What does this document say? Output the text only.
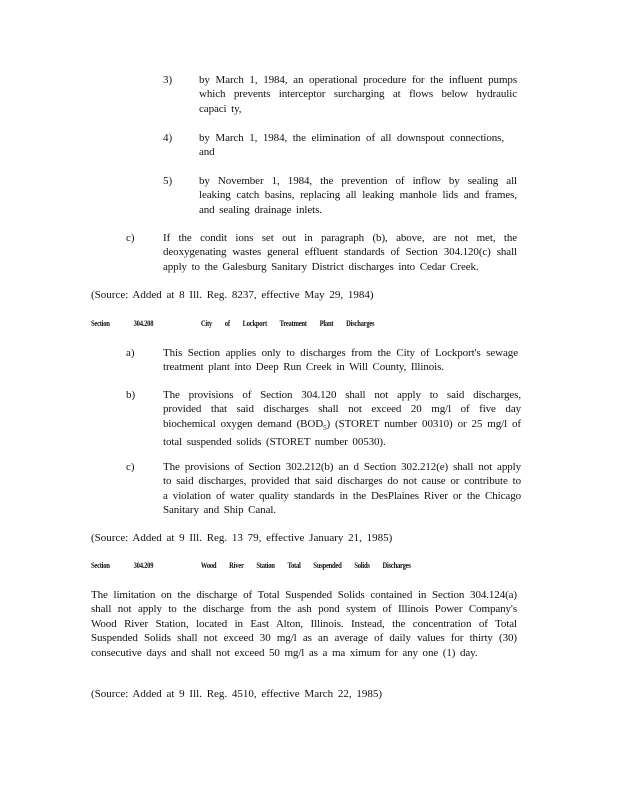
3) by March 1, 1984, an operational procedure for the influent pumps which prevents interceptor surcharging at flows below hydraulic capaci ty,

4) by March 1, 1984, the elimination of all downspout connections, and

5) by November 1, 1984, the prevention of inflow by sealing all leaking catch basins, replacing all leaking manhole lids and frames, and sealing drainage inlets.

c)	If the condit ions set out in paragraph (b), above, are not met, the deoxygenating wastes general effluent standards of Section 304.120(c) shall apply to the Galesburg Sanitary District discharges into Cedar Creek.

(Source: Added at 8 Ill. Reg. 8237, effective May 29, 1984)
Section	304.208	City of Lockport Treatment Plant Discharges
a)	This Section applies only to discharges from the City of Lockport's sewage treatment plant into Deep Run Creek in Will County, Illinois.

b)	The provisions of Section 304.120 shall not apply to said discharges, provided that said discharges shall not exceed 20 mg/l of five day biochemical oxygen demand $(BOD_5)$ (STORET number 00310) or 25 mg/l of total suspended solids (STORET number 00530).

c)	The provisions of Section 302.212(b) an d Section 302.212(e) shall not apply to said discharges, provided that said discharges do not cause or contribute to a violation of water quality standards in the DesPlaines River or the Chicago Sanitary and Ship Canal.

(Source: Added at 9 Ill. Reg. 13 79, effective January 21, 1985)
Section	304.209	Wood River Station Total Suspended Solids Discharges

The limitation on the discharge of Total Suspended Solids contained in Section 304.124(a) shall not apply to the discharge from the ash pond system of Illinois Power Company's Wood River Station, located in East Alton, Illinois. Instead, the concentration of Total Suspended Solids shall not exceed 30 mg/l as an average of daily values for thirty (30) consecutive days and shall not exceed 50 mg/l as a ma ximum for any one (1) day.

(Source: Added at 9 Ill. Reg. 4510, effective March 22, 1985)
